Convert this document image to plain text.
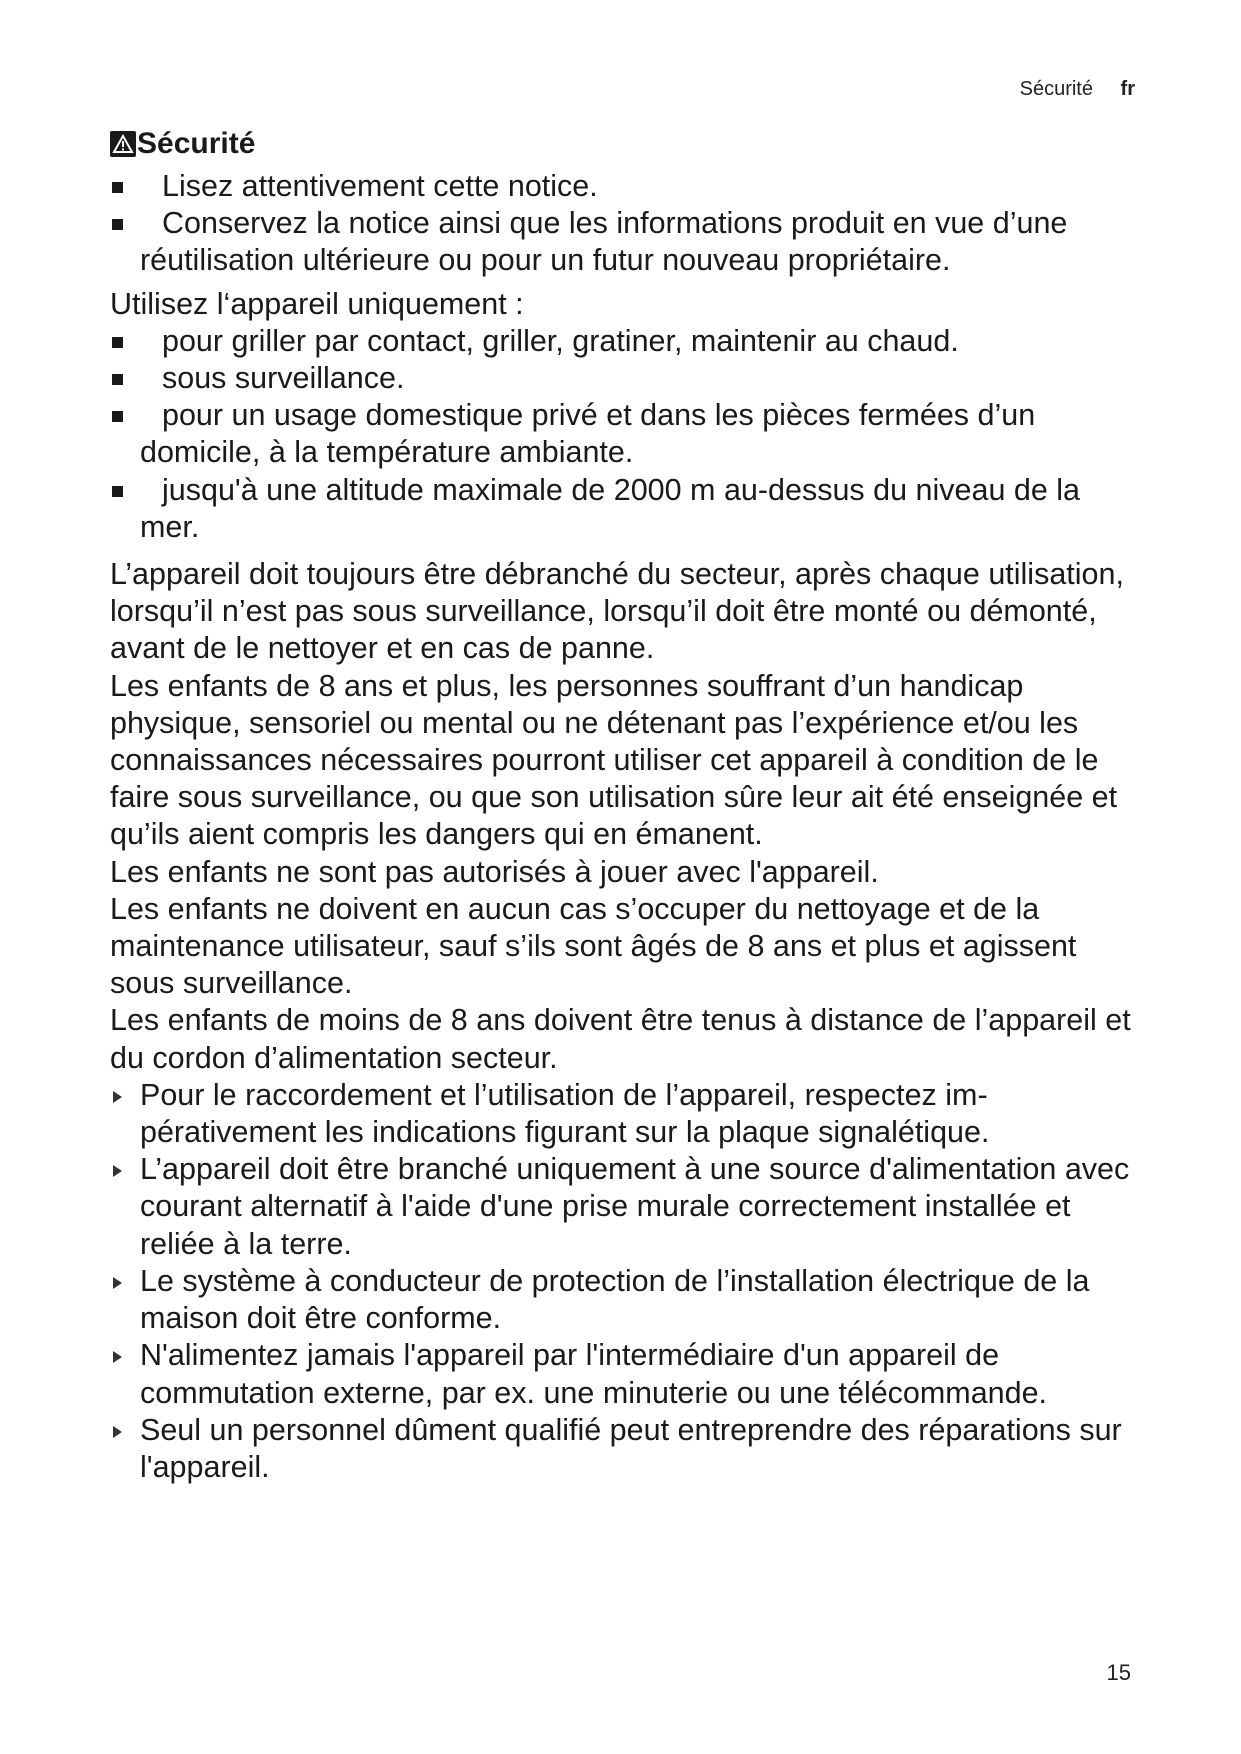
Sécurité fr
Sécurité
Lisez attentivement cette notice.
Conservez la notice ainsi que les informations produit en vue d’une réutilisation ultérieure ou pour un futur nouveau propriétaire.

Utilisez l‘appareil uniquement :

pour griller par contact, griller, gratiner, maintenir au chaud.
sous surveillance.
pour un usage domestique privé et dans les pièces fermées d’un domicile, à la température ambiante.
jusqu'à une altitude maximale de 2000 m au-dessus du niveau de la mer.

L’appareil doit toujours être débranché du secteur, après chaque utilisation, lorsqu’il n’est pas sous surveillance, lorsqu’il doit être monté ou démonté, avant de le nettoyer et en cas de panne.

Les enfants de 8 ans et plus, les personnes souffrant d’un handicap physique, sensoriel ou mental ou ne détenant pas l’expérience et/ou les connaissances nécessaires pourront utiliser cet appareil à condition de le faire sous surveillance, ou que son utilisation sûre leur ait été enseignée et qu’ils aient compris les dangers qui en émanent.

Les enfants ne sont pas autorisés à jouer avec l'appareil.

Les enfants ne doivent en aucun cas s’occuper du nettoyage et de la maintenance utilisateur, sauf s’ils sont âgés de 8 ans et plus et agissent sous surveillance.

Les enfants de moins de 8 ans doivent être tenus à distance de l’appareil et du cordon d’alimentation secteur.

Pour le raccordement et l’utilisation de l’appareil, respectez impérativement les indications figurant sur la plaque signalétique.
L’appareil doit être branché uniquement à une source d'alimentation avec courant alternatif à l'aide d'une prise murale correctement installée et reliée à la terre.
Le système à conducteur de protection de l’installation électrique de la maison doit être conforme.
N'alimentez jamais l'appareil par l'intermédiaire d'un appareil de commutation externe, par ex. une minuterie ou une télécommande.
Seul un personnel dûment qualifié peut entreprendre des réparations sur l'appareil.
15
